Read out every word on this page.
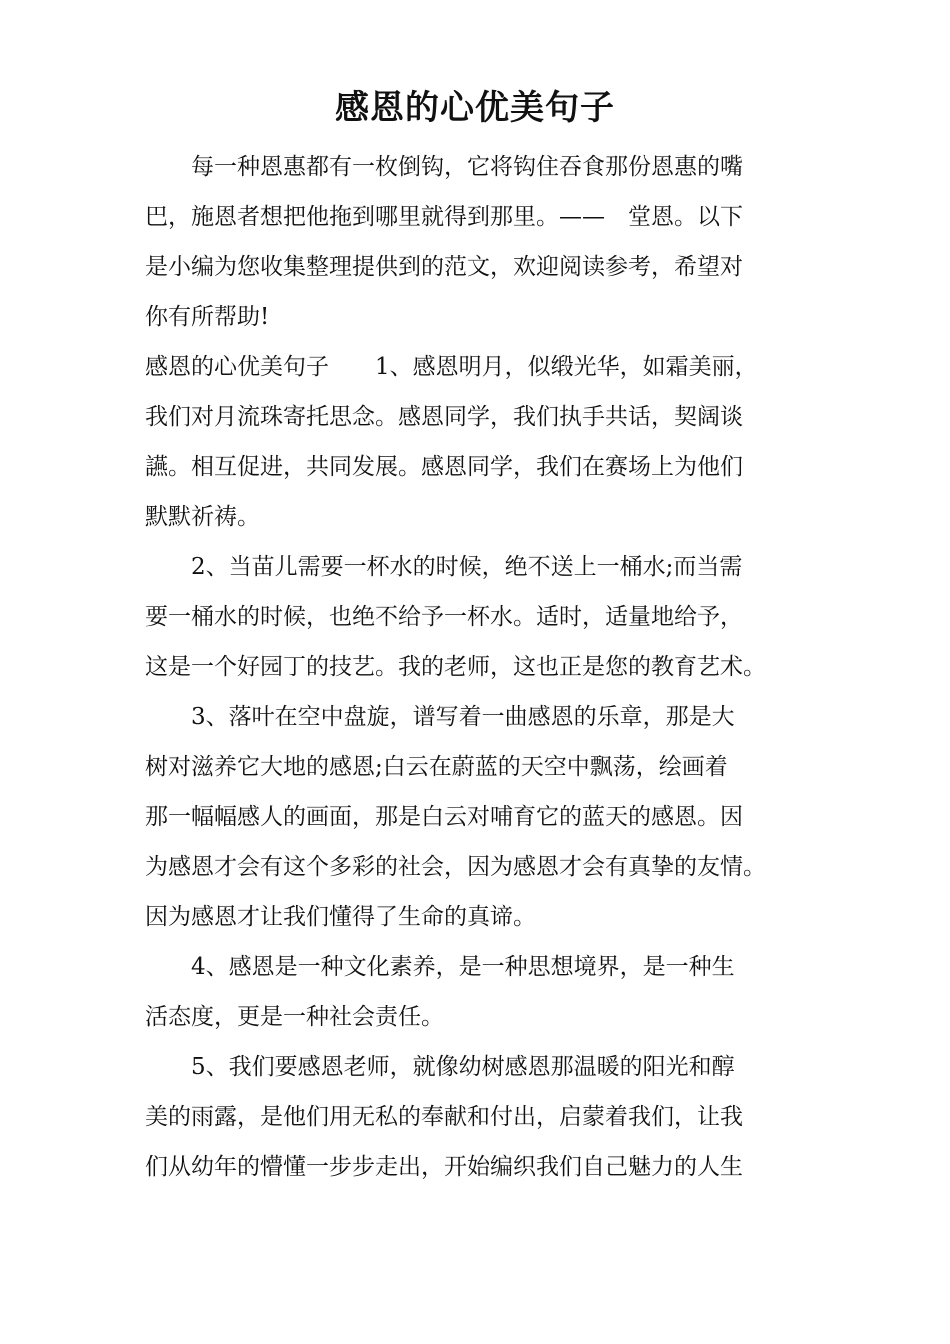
感恩的心优美句子
每一种恩惠都有一枚倒钩，它将钩住吞食那份恩惠的嘴
巴，施恩者想把他拖到哪里就得到那里。——　堂恩。以下
是小编为您收集整理提供到的范文，欢迎阅读参考，希望对
你有所帮助!
感恩的心优美句子　　1、感恩明月，似缎光华，如霜美丽，
我们对月流珠寄托思念。感恩同学，我们执手共话，契阔谈
讌。相互促进，共同发展。感恩同学，我们在赛场上为他们
默默祈祷。
2、当苗儿需要一杯水的时候，绝不送上一桶水;而当需
要一桶水的时候，也绝不给予一杯水。适时，适量地给予，
这是一个好园丁的技艺。我的老师，这也正是您的教育艺术。
3、落叶在空中盘旋，谱写着一曲感恩的乐章，那是大
树对滋养它大地的感恩;白云在蔚蓝的天空中飘荡，绘画着
那一幅幅感人的画面，那是白云对哺育它的蓝天的感恩。因
为感恩才会有这个多彩的社会，因为感恩才会有真挚的友情。
因为感恩才让我们懂得了生命的真谛。
4、感恩是一种文化素养，是一种思想境界，是一种生
活态度，更是一种社会责任。
5、我们要感恩老师，就像幼树感恩那温暖的阳光和醇
美的雨露，是他们用无私的奉献和付出，启蒙着我们，让我
们从幼年的懵懂一步步走出，开始编织我们自己魅力的人生
